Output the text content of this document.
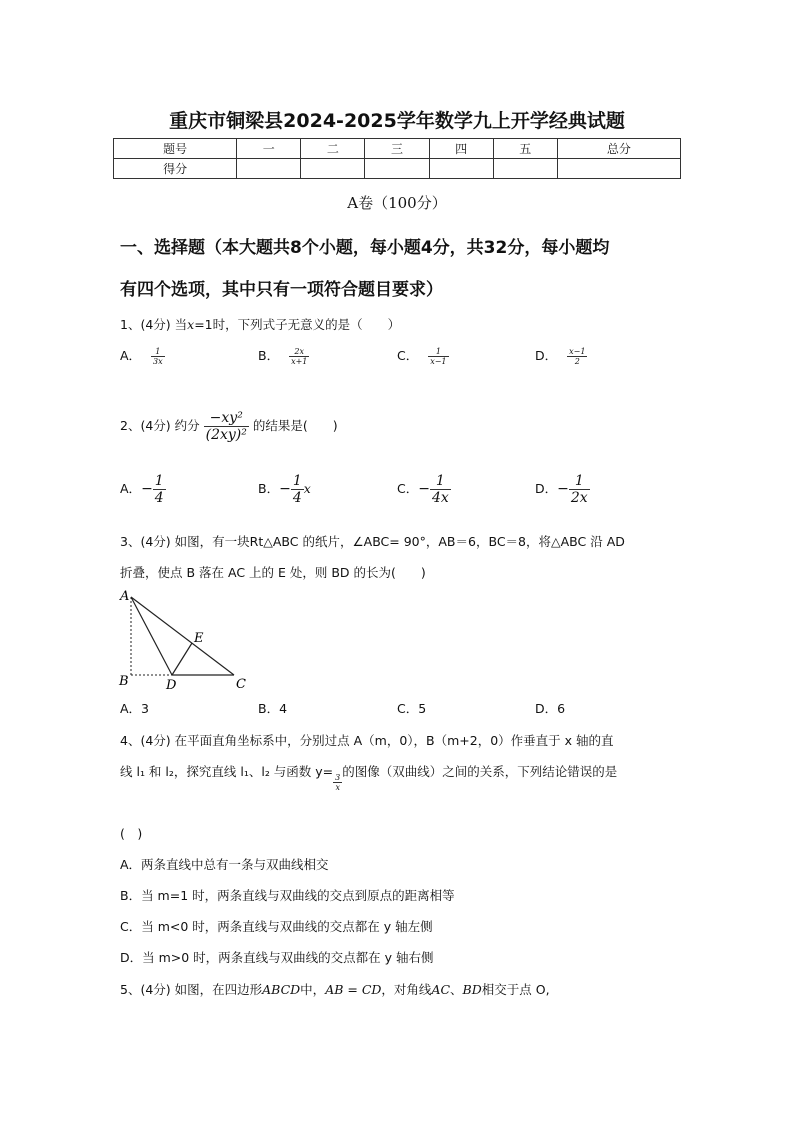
重庆市铜梁县2024-2025学年数学九上开学经典试题
题号	一	二	三	四	五	总分
得分						
A卷（100分）
一、选择题（本大题共8个小题，每小题4分，共32分，每小题均
有四个选项，其中只有一项符合题目要求）
1、(4分) 当x=1时，下列式子无意义的是（　　）
A． $\frac{1}{3x}$	B． $\frac{2x}{x+1}$	C． $\frac{1}{x-1}$	D． $\frac{x-1}{2}$
2、(4分) 约分 $\frac{\text{−xy²}}{\text{(2xy)²}}$ 的结果是(　　)
A．− $\frac{1}{4}$	B．− $\frac{1}{4}$ x	C．− $\frac{1}{4x}$	D．− $\frac{1}{2x}$
3、(4分) 如图，有一块Rt△ABC 的纸片，∠ABC= 90°，AB＝6，BC＝8，将△ABC 沿 AD
折叠，使点 B 落在 AC 上的 E 处，则 BD 的长为(　　)
A
B	D	C
E
A．3	B．4	C．5	D．6
4、(4分) 在平面直角坐标系中，分别过点 A（m，0），B（m+2，0）作垂直于 x 轴的直
线 l₁ 和 l₂，探究直线 l₁、l₂ 与函数 y=
$\frac{3}{x}$
的图像（双曲线）之间的关系，下列结论错误的是
(　)
A．两条直线中总有一条与双曲线相交
B．当 m=1 时，两条直线与双曲线的交点到原点的距离相等
C．当 m<0 时，两条直线与双曲线的交点都在 y 轴左侧
D．当 m>0 时，两条直线与双曲线的交点都在 y 轴右侧
5、(4分) 如图，在四边形ABCD中，AB = CD，对角线AC、BD相交于点 O,
